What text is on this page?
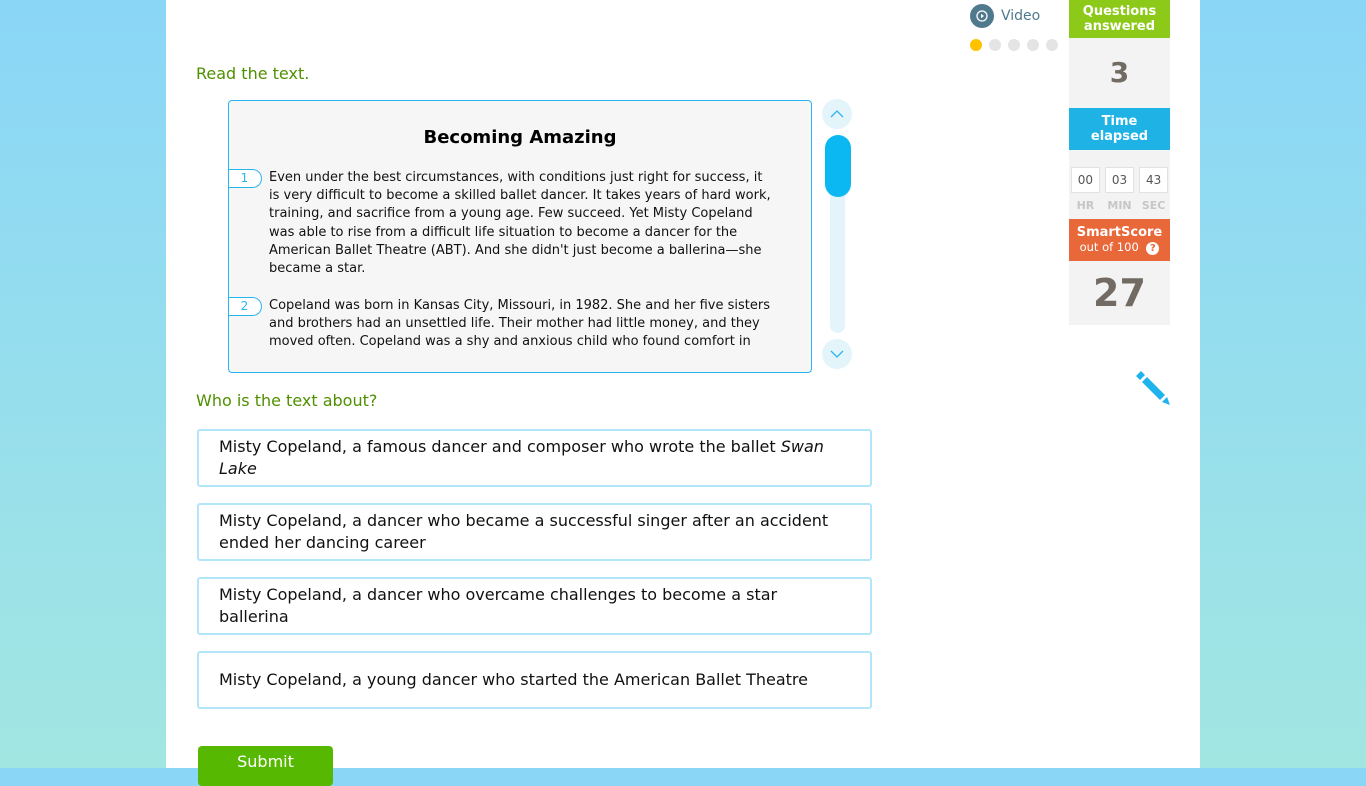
Video
Read the text.
Becoming Amazing
1	Even under the best circumstances, with conditions just right for success, it
is very difficult to become a skilled ballet dancer. It takes years of hard work,
training, and sacrifice from a young age. Few succeed. Yet Misty Copeland
was able to rise from a difficult life situation to become a dancer for the
American Ballet Theatre (ABT). And she didn't just become a ballerina—she
became a star.
2	Copeland was born in Kansas City, Missouri, in 1982. She and her five sisters
and brothers had an unsettled life. Their mother had little money, and they
moved often. Copeland was a shy and anxious child who found comfort in
Who is the text about?
Misty Copeland, a famous dancer and composer who wrote the ballet Swan Lake
Misty Copeland, a dancer who became a successful singer after an accident ended her dancing career
Misty Copeland, a dancer who overcame challenges to become a star ballerina
Misty Copeland, a young dancer who started the American Ballet Theatre
Submit
Questions
answered
3
Time
elapsed
00 03 43
HR MIN SEC
SmartScore
out of 100 ?
27
